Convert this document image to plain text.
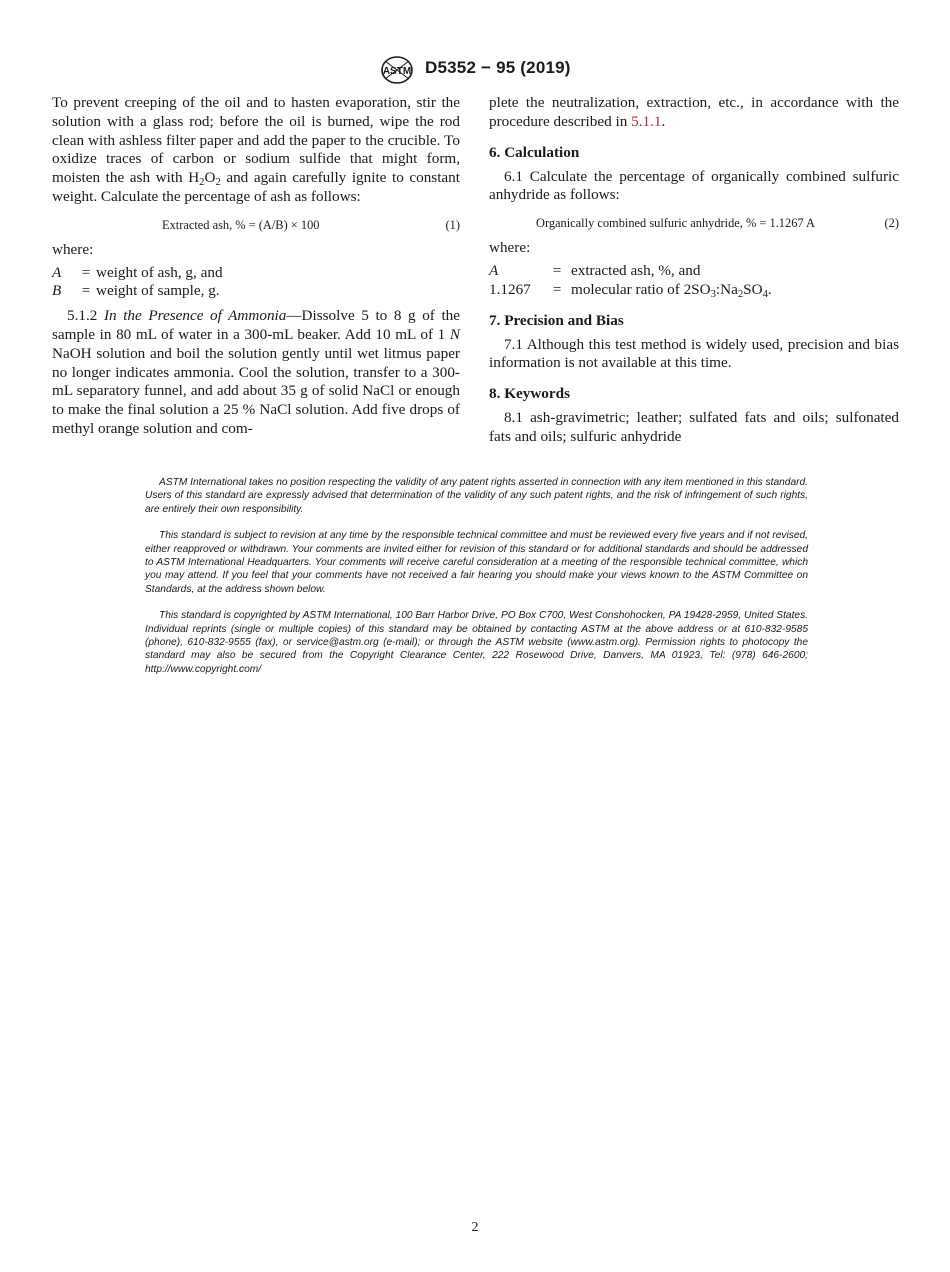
ASTM D5352 − 95 (2019)

To prevent creeping of the oil and to hasten evaporation, stir the solution with a glass rod; before the oil is burned, wipe the rod clean with ashless filter paper and add the paper to the crucible. To oxidize traces of carbon or sodium sulfide that might form, moisten the ash with $H_2O_2$ and again carefully ignite to constant weight. Calculate the percentage of ash as follows:

Extracted ash, % = (A/B) × 100	(1)

where:

A	= weight of ash, g, and
B	= weight of sample, g.

5.1.2 In the Presence of Ammonia—Dissolve 5 to 8 g of the sample in 80 mL of water in a 300-mL beaker. Add 10 mL of 1 N NaOH solution and boil the solution gently until wet litmus paper no longer indicates ammonia. Cool the solution, transfer to a 300-mL separatory funnel, and add about 35 g of solid NaCl or enough to make the final solution a 25 % NaCl solution. Add five drops of methyl orange solution and com-

plete the neutralization, extraction, etc., in accordance with the procedure described in 5.1.1.

6. Calculation

6.1 Calculate the percentage of organically combined sulfuric anhydride as follows:

Organically combined sulfuric anhydride, % = 1.1267 A	(2)

where:

A	= extracted ash, %, and
1.1267	= molecular ratio of $2SO_3:Na_2SO_4$.
7. Precision and Bias

7.1 Although this test method is widely used, precision and bias information is not available at this time.

8. Keywords

8.1 ash-gravimetric; leather; sulfated fats and oils; sulfonated fats and oils; sulfuric anhydride

ASTM International takes no position respecting the validity of any patent rights asserted in connection with any item mentioned in this standard. Users of this standard are expressly advised that determination of the validity of any such patent rights, and the risk of infringement of such rights, are entirely their own responsibility.

This standard is subject to revision at any time by the responsible technical committee and must be reviewed every five years and if not revised, either reapproved or withdrawn. Your comments are invited either for revision of this standard or for additional standards and should be addressed to ASTM International Headquarters. Your comments will receive careful consideration at a meeting of the responsible technical committee, which you may attend. If you feel that your comments have not received a fair hearing you should make your views known to the ASTM Committee on Standards, at the address shown below.

This standard is copyrighted by ASTM International, 100 Barr Harbor Drive, PO Box C700, West Conshohocken, PA 19428-2959, United States. Individual reprints (single or multiple copies) of this standard may be obtained by contacting ASTM at the above address or at 610-832-9585 (phone), 610-832-9555 (fax), or service@astm.org (e-mail); or through the ASTM website (www.astm.org). Permission rights to photocopy the standard may also be secured from the Copyright Clearance Center, 222 Rosewood Drive, Danvers, MA 01923, Tel: (978) 646-2600; http://www.copyright.com/

2
